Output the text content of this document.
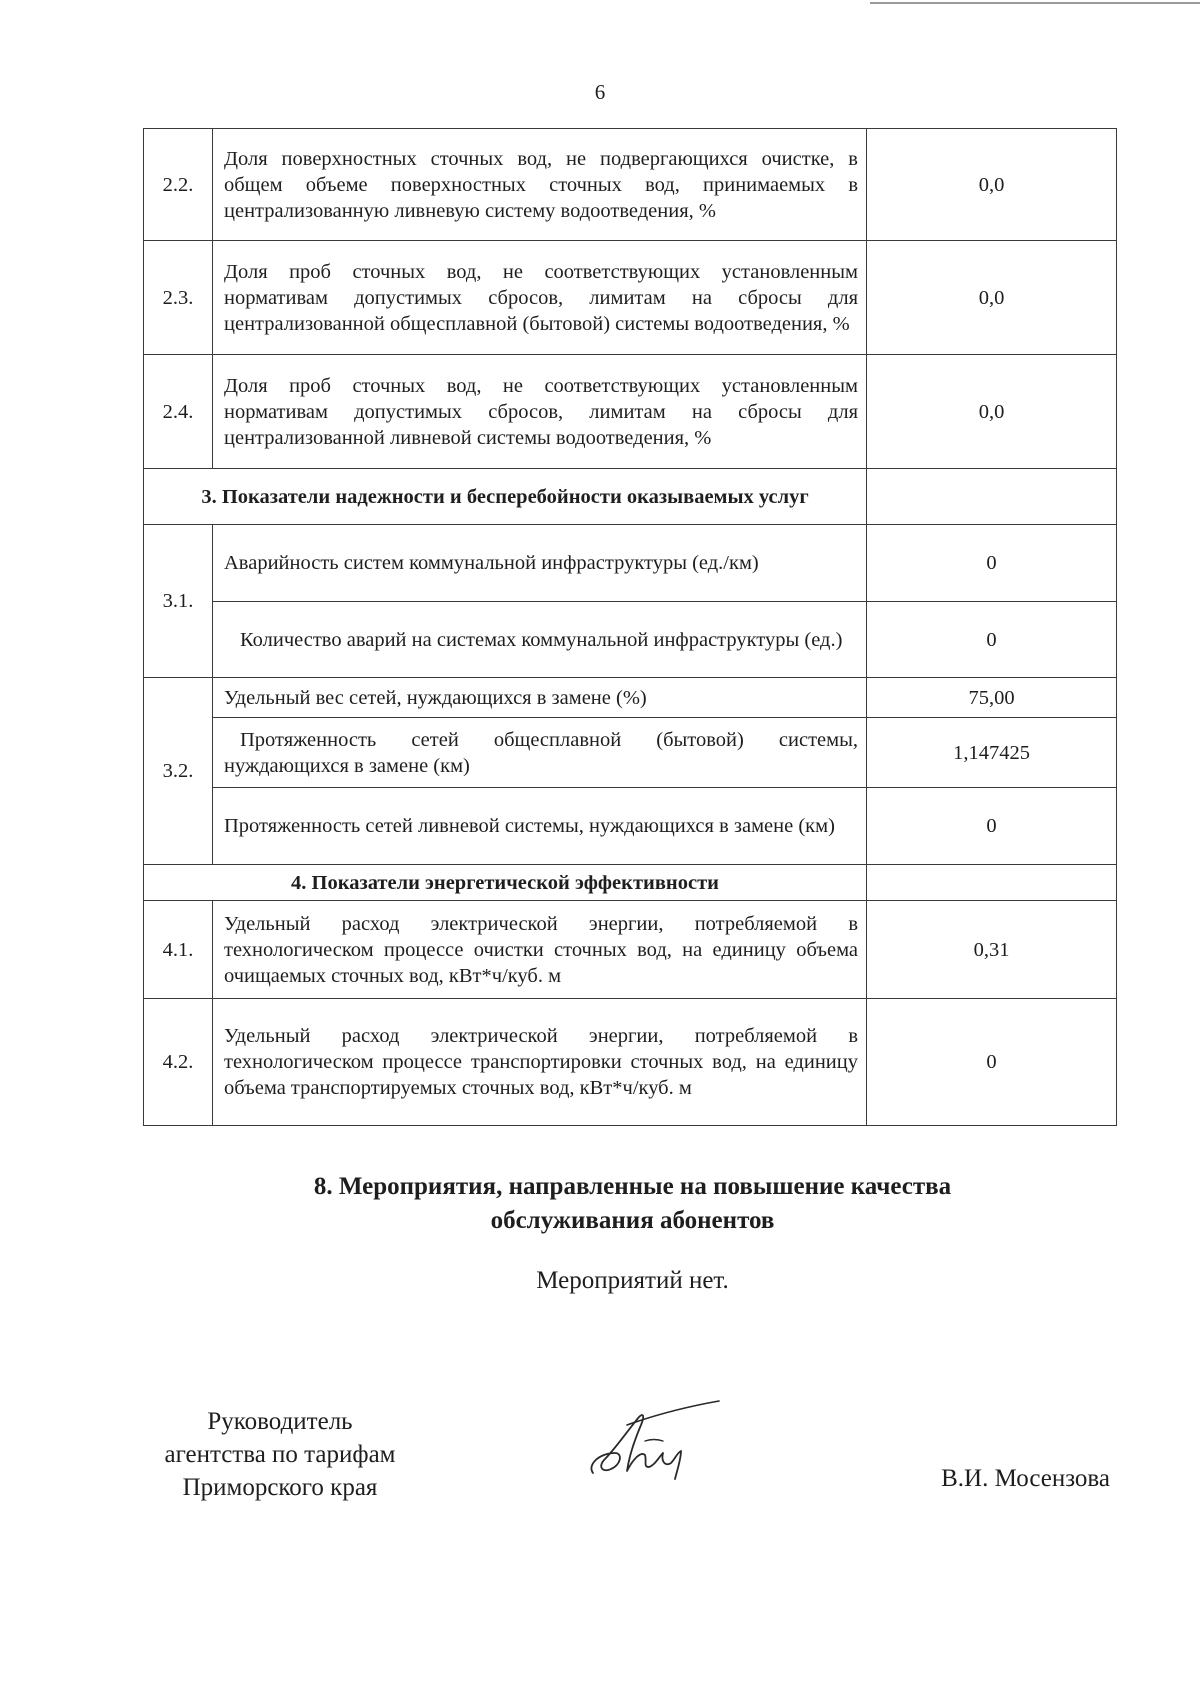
6
2.2.	Доля поверхностных сточных вод, не подвергающихся очистке, в общем объеме поверхностных сточных вод, принимаемых в централизованную ливневую систему водоотведения, %	0,0
2.3.	Доля проб сточных вод, не соответствующих установленным нормативам допустимых сбросов, лимитам на сбросы для централизованной общесплавной (бытовой) системы водоотведения, %	0,0
2.4.	Доля проб сточных вод, не соответствующих установленным нормативам допустимых сбросов, лимитам на сбросы для централизованной ливневой системы водоотведения, %	0,0
3. Показатели надежности и бесперебойности оказываемых услуг		
3.1.	Аварийность систем коммунальной инфраструктуры (ед./км)	0
	Количество аварий на системах коммунальной инфраструктуры (ед.)	0
3.2.	Удельный вес сетей, нуждающихся в замене (%)	75,00
	Протяженность сетей общесплавной (бытовой) системы, нуждающихся в замене (км)	1,147425
	Протяженность сетей ливневой системы, нуждающихся в замене (км)	0
4. Показатели энергетической эффективности		
4.1.	Удельный расход электрической энергии, потребляемой в технологическом процессе очистки сточных вод, на единицу объема очищаемых сточных вод, кВт*ч/куб. м	0,31
4.2.	Удельный расход электрической энергии, потребляемой в технологическом процессе транспортировки сточных вод, на единицу объема транспортируемых сточных вод, кВт*ч/куб. м	0
8. Мероприятия, направленные на повышение качества
обслуживания абонентов
Мероприятий нет.
Руководитель
агентства по тарифам
Приморского края	В.И. Мосензова
